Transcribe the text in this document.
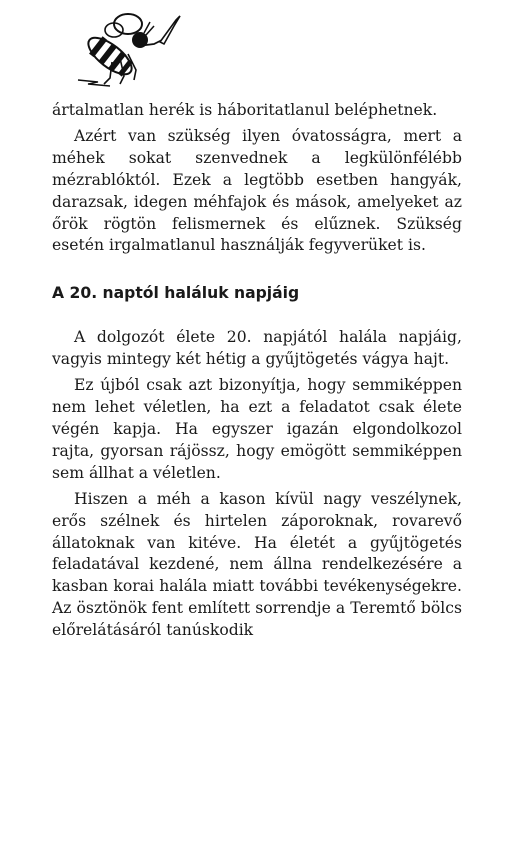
ártalmatlan herék is háboritatlanul beléphetnek.

Azért van szükség ilyen óvatosságra, mert a méhek sokat szenvednek a legkülönfélébb mézrablóktól. Ezek a legtöbb esetben hangyák, darazsak, idegen méhfajok és mások, amelyeket az őrök rögtön felismernek és elűznek. Szükség esetén irgalmatlanul használják fegyverüket is.

A 20. naptól haláluk napjáig

A dolgozót élete 20. napjától halála napjáig, vagyis mintegy két hétig a gyűjtögetés vágya hajt.

Ez újból csak azt bizonyítja, hogy semmiképpen nem lehet véletlen, ha ezt a feladatot csak élete végén kapja. Ha egyszer igazán elgondolkozol rajta, gyorsan rájössz, hogy emögött semmiképpen sem állhat a véletlen.

Hiszen a méh a kason kívül nagy veszélynek, erős szélnek és hirtelen záporoknak, rovarevő állatoknak van kitéve. Ha életét a gyűjtögetés feladatával kezdené, nem állna rendelkezésére a kasban korai halála miatt további tevékenységekre. Az ösztönök fent említett sorrendje a Teremtő bölcs előrelátásáról tanúskodik
